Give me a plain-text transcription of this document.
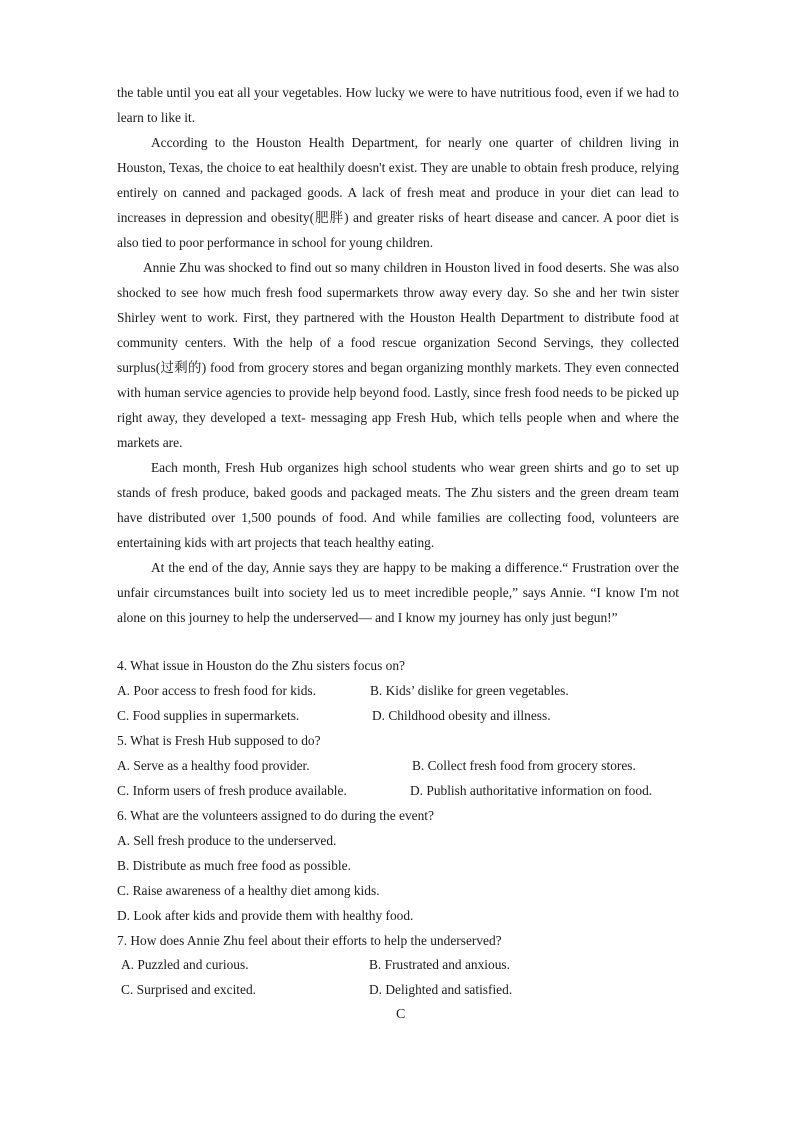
the table until you eat all your vegetables. How lucky we were to have nutritious food, even if we had to learn to like it.

According to the Houston Health Department, for nearly one quarter of children living in Houston, Texas, the choice to eat healthily doesn't exist. They are unable to obtain fresh produce, relying entirely on canned and packaged goods. A lack of fresh meat and produce in your diet can lead to increases in depression and obesity(肥胖) and greater risks of heart disease and cancer. A poor diet is also tied to poor performance in school for young children.

Annie Zhu was shocked to find out so many children in Houston lived in food deserts. She was also shocked to see how much fresh food supermarkets throw away every day. So she and her twin sister Shirley went to work. First, they partnered with the Houston Health Department to distribute food at community centers. With the help of a food rescue organization Second Servings, they collected surplus(过剩的) food from grocery stores and began organizing monthly markets. They even connected with human service agencies to provide help beyond food. Lastly, since fresh food needs to be picked up right away, they developed a text- messaging app Fresh Hub, which tells people when and where the markets are.

Each month, Fresh Hub organizes high school students who wear green shirts and go to set up stands of fresh produce, baked goods and packaged meats. The Zhu sisters and the green dream team have distributed over 1,500 pounds of food. And while families are collecting food, volunteers are entertaining kids with art projects that teach healthy eating.

At the end of the day, Annie says they are happy to be making a difference.“ Frustration over the unfair circumstances built into society led us to meet incredible people,” says Annie. “I know I'm not alone on this journey to help the underserved— and I know my journey has only just begun!”

4. What issue in Houston do the Zhu sisters focus on?

A. Poor access to fresh food for kids.	B. Kids’ dislike for green vegetables.

C. Food supplies in supermarkets.	D. Childhood obesity and illness.

5. What is Fresh Hub supposed to do?

A. Serve as a healthy food provider.	B. Collect fresh food from grocery stores.

C. Inform users of fresh produce available.	D. Publish authoritative information on food.

6. What are the volunteers assigned to do during the event?

A. Sell fresh produce to the underserved.

B. Distribute as much free food as possible.

C. Raise awareness of a healthy diet among kids.

D. Look after kids and provide them with healthy food.

7. How does Annie Zhu feel about their efforts to help the underserved?

A. Puzzled and curious.	B. Frustrated and anxious.

C. Surprised and excited.	D. Delighted and satisfied.

C
